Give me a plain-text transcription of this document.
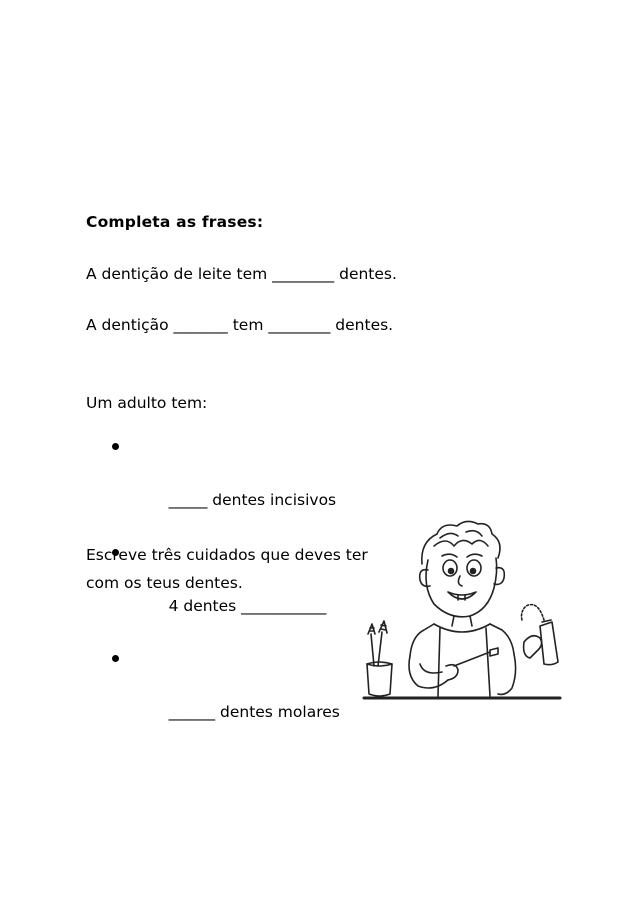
Completa as frases:
A dentição de leite tem ________ dentes.
A dentição _______ tem ________ dentes.
Um adulto tem:

_____ dentes incisivos

4 dentes ___________

______ dentes molares

Escreve três cuidados que deves ter
com os teus dentes.
